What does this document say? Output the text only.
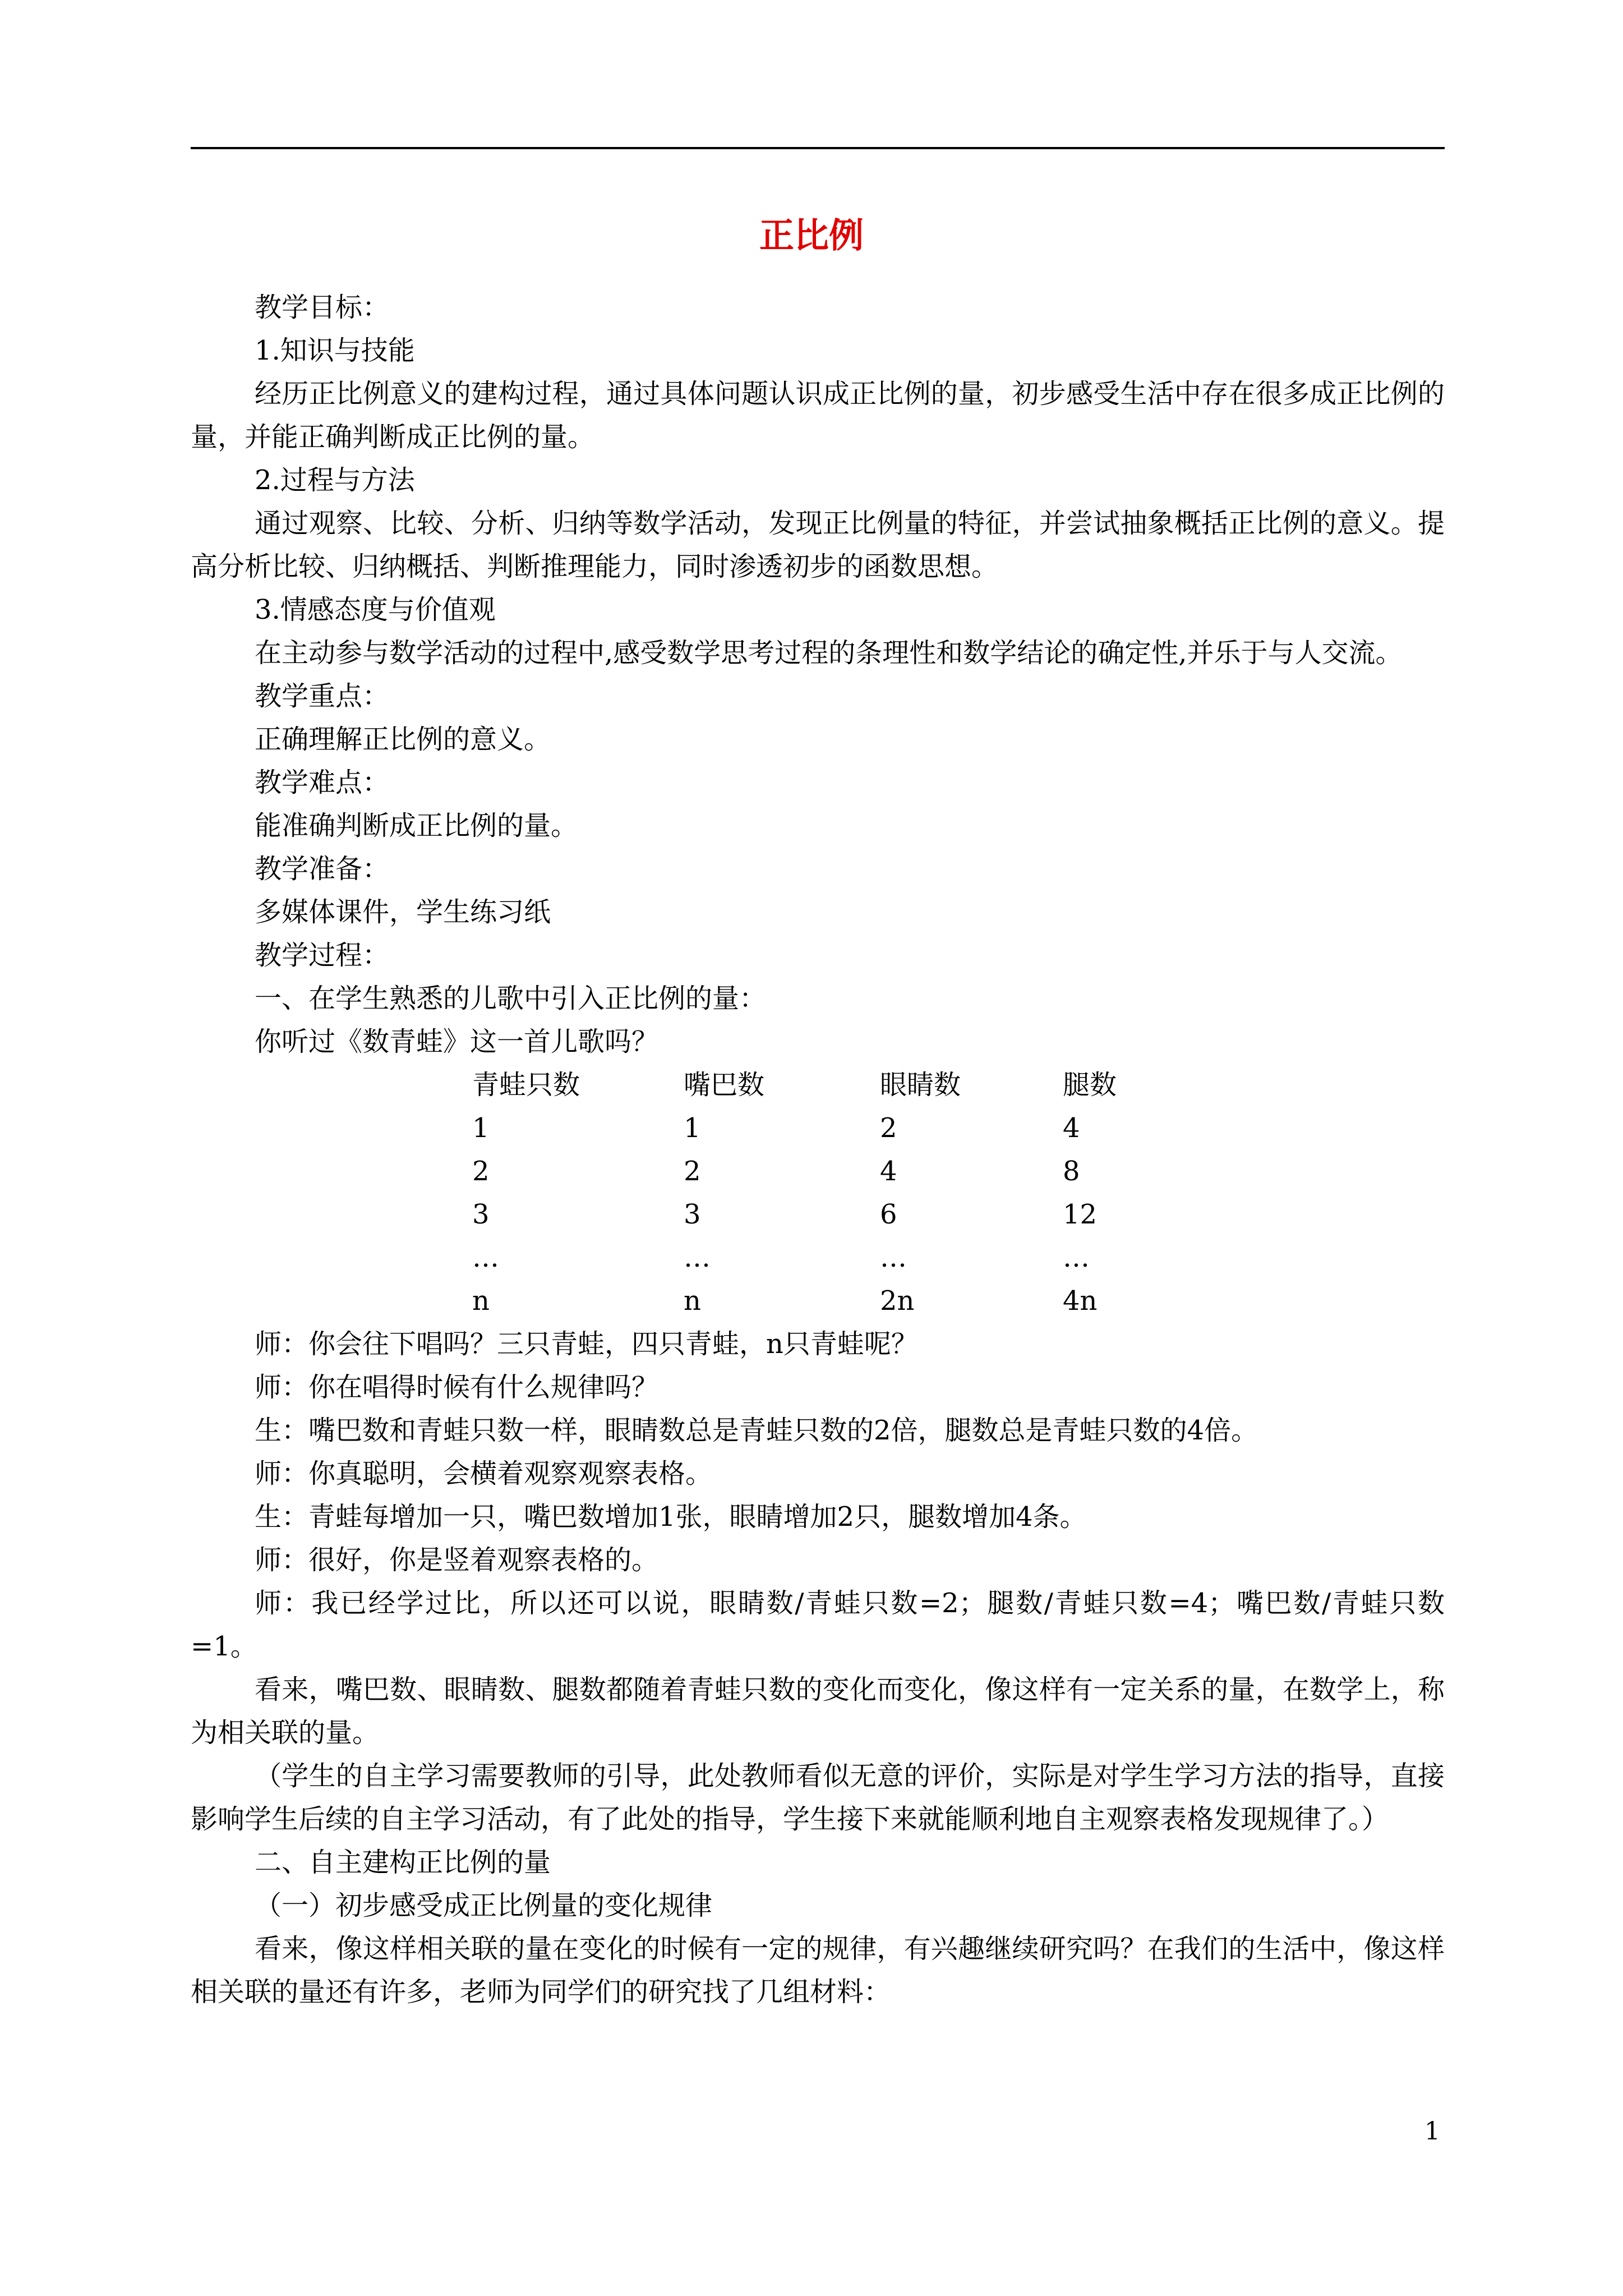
正比例

教学目标：

1.知识与技能

经历正比例意义的建构过程，通过具体问题认识成正比例的量，初步感受生活中存在很多成正比例的量，并能正确判断成正比例的量。

2.过程与方法

通过观察、比较、分析、归纳等数学活动，发现正比例量的特征，并尝试抽象概括正比例的意义。提高分析比较、归纳概括、判断推理能力，同时渗透初步的函数思想。

3.情感态度与价值观

在主动参与数学活动的过程中,感受数学思考过程的条理性和数学结论的确定性,并乐于与人交流。

教学重点：

正确理解正比例的意义。

教学难点：

能准确判断成正比例的量。

教学准备：

多媒体课件，学生练习纸

教学过程：

一、在学生熟悉的儿歌中引入正比例的量：

你听过《数青蛙》这一首儿歌吗？

青蛙只数	嘴巴数	眼睛数	腿数
1	1	2	4
2	2	4	8
3	3	6	12
…	…	…	…
n	n	2n	4n

师：你会往下唱吗？三只青蛙，四只青蛙，n只青蛙呢？

师：你在唱得时候有什么规律吗？

生：嘴巴数和青蛙只数一样，眼睛数总是青蛙只数的2倍，腿数总是青蛙只数的4倍。

师：你真聪明，会横着观察观察表格。

生：青蛙每增加一只，嘴巴数增加1张，眼睛增加2只，腿数增加4条。

师：很好，你是竖着观察表格的。

师：我已经学过比，所以还可以说，眼睛数/青蛙只数=2；腿数/青蛙只数=4；嘴巴数/青蛙只数=1。

看来，嘴巴数、眼睛数、腿数都随着青蛙只数的变化而变化，像这样有一定关系的量，在数学上，称为相关联的量。

（学生的自主学习需要教师的引导，此处教师看似无意的评价，实际是对学生学习方法的指导，直接影响学生后续的自主学习活动，有了此处的指导，学生接下来就能顺利地自主观察表格发现规律了。）

二、自主建构正比例的量

（一）初步感受成正比例量的变化规律

看来，像这样相关联的量在变化的时候有一定的规律，有兴趣继续研究吗？在我们的生活中，像这样相关联的量还有许多，老师为同学们的研究找了几组材料：

1
